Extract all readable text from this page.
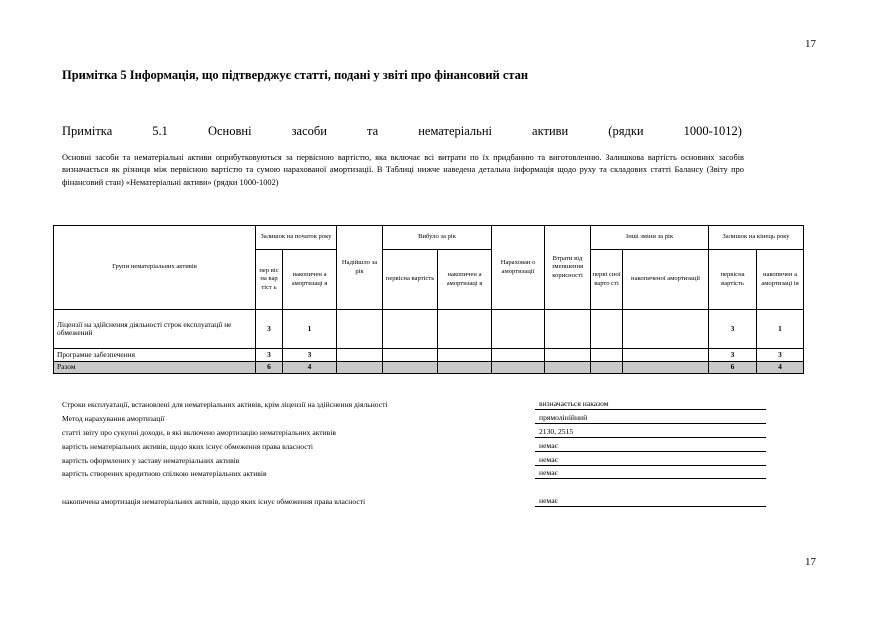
17
Примітка 5 Інформація, що підтверджує статті, подані у звіті про фінансовий стан
Примітка	5.1	Основні	засоби	та	нематеріальні	активи	(рядки	1000-1012)

Основні засоби та нематеріальні активи оприбутковуються за первісною вартістю, яка включає всі витрати по їх придбанню та виготовленню. Залишкова вартість основних засобів визначається як різниця між первісною вартістю та сумою нарахованої амортизації. В Таблиці нижче наведена детальна інформація щодо руху та складових статті Балансу (Звіту про фінансовий стан) «Нематеріальні активи» (рядки 1000-1002)

Групи нематеріальних активів	Залишок на початок року		Надійшло за рік	Вибуло за рік		Нарахован о амортизації	Втрати від зменшення корисності	Інші зміни за рік		Залишок на кінець року	
	пер віс на вар тіст ь	накопичен а амортизаці я		первісна вартість	накопичен а амортизаці я			перві сної варто сті	накопиченої амортизації	первісна вартість	накопичен а амортизаці ія
Ліцензії на здійснення діяльності строк експлуатації не обмежений	3	1								3	1
Програмне забезпечення	3	3								3	3
Разом	6	4								6	4
Строки експлуатації, встановлені для нематеріальних активів, крім ліцензії на здійснення діяльності	визначається наказом
Метод нарахування амортизації	прямолінійний
статті звіту про сукупні доходи, в які включено амортизацію нематеріальних активів	2130, 2515
вартість нематеріальних активів, щодо яких існує обмеження права власності	немає
вартість оформлених у заставу нематеріальних активів	немає
вартість створених кредитною спілкою нематеріальних активів	немає
накопичена амортизація нематеріальних активів, щодо яких існує обмеження права власності	немає
17
